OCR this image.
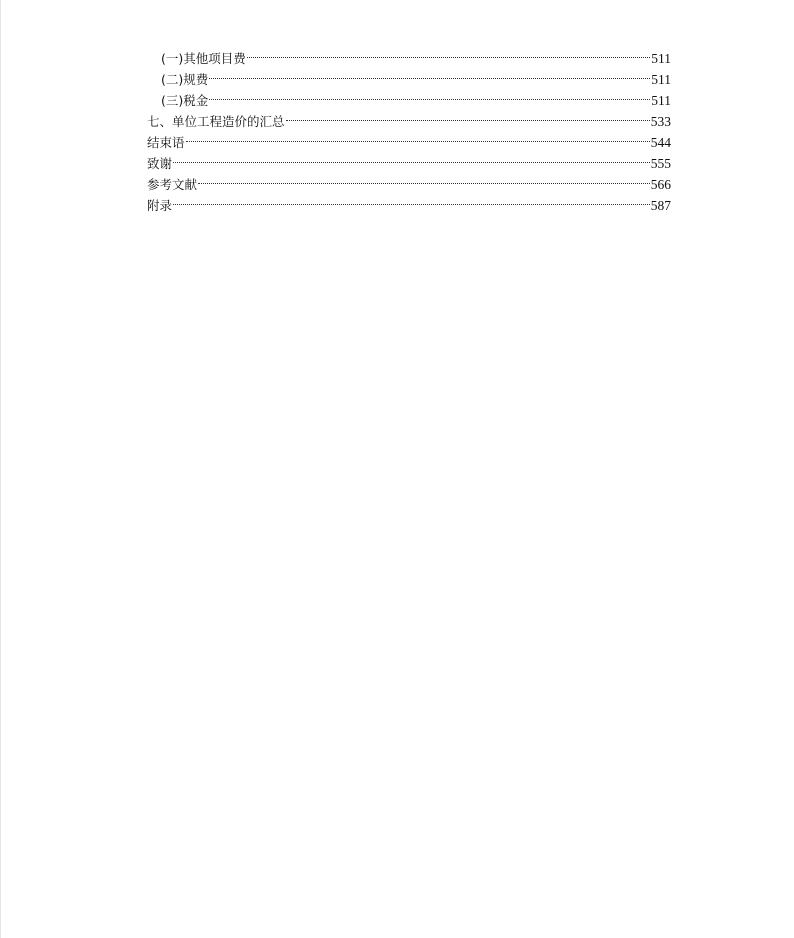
(一)其他项目费	511
(二)规费	511
(三)税金	511
七、单位工程造价的汇总	533
结束语	544
致谢	555
参考文献	566
附录	587
